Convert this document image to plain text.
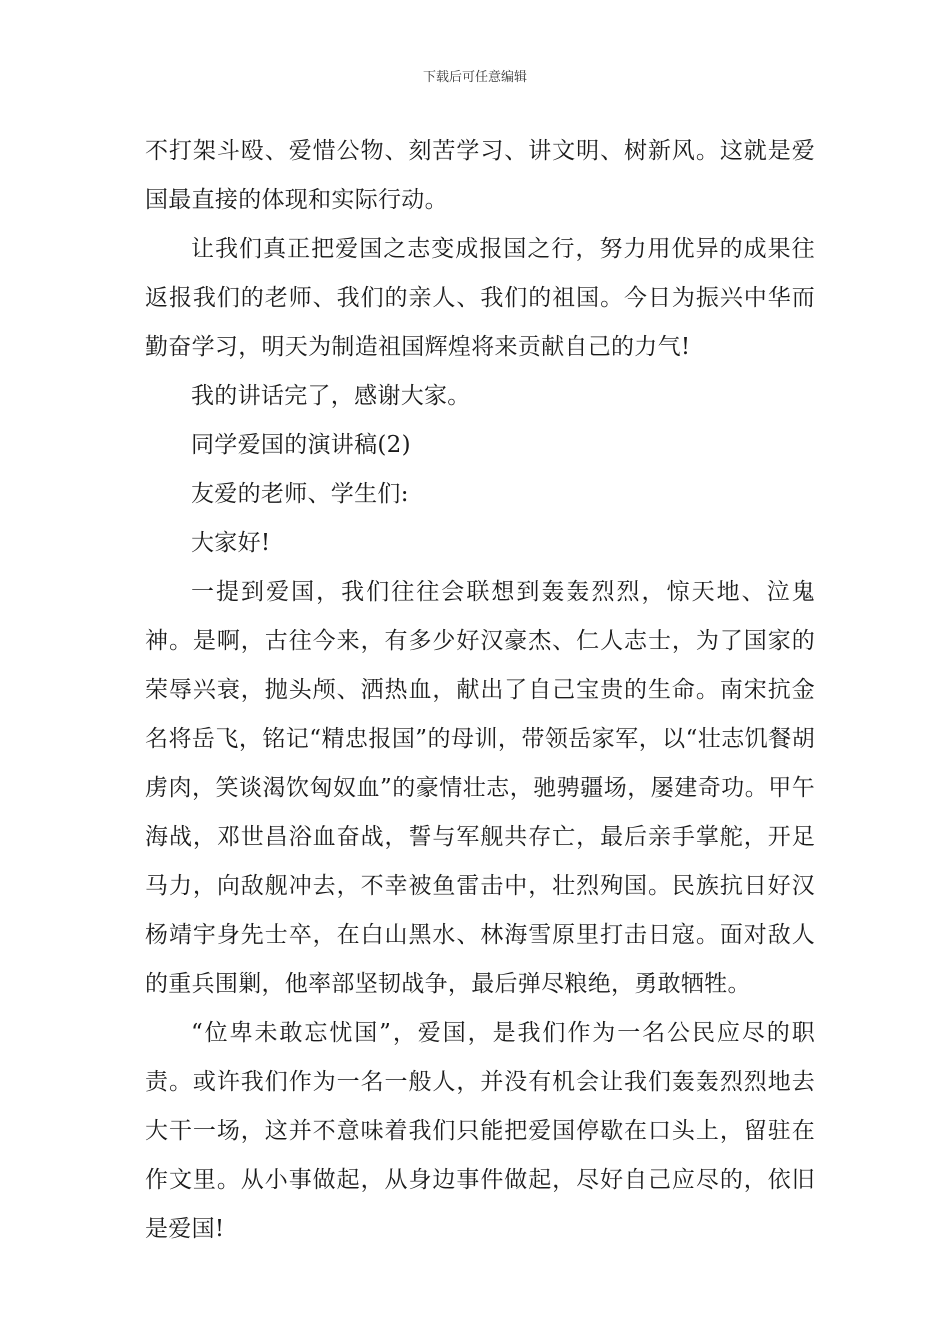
下载后可任意编辑

不打架斗殴、爱惜公物、刻苦学习、讲文明、树新风。这就是爱国最直接的体现和实际行动。

让我们真正把爱国之志变成报国之行，努力用优异的成果往返报我们的老师、我们的亲人、我们的祖国。今日为振兴中华而勤奋学习，明天为制造祖国辉煌将来贡献自己的力气!

我的讲话完了，感谢大家。

同学爱国的演讲稿(2)

友爱的老师、学生们:

大家好!

一提到爱国，我们往往会联想到轰轰烈烈，惊天地、泣鬼神。是啊，古往今来，有多少好汉豪杰、仁人志士，为了国家的荣辱兴衰，抛头颅、洒热血，献出了自己宝贵的生命。南宋抗金名将岳飞，铭记“精忠报国”的母训，带领岳家军，以“壮志饥餐胡虏肉，笑谈渴饮匈奴血”的豪情壮志，驰骋疆场，屡建奇功。甲午海战，邓世昌浴血奋战，誓与军舰共存亡，最后亲手掌舵，开足马力，向敌舰冲去，不幸被鱼雷击中，壮烈殉国。民族抗日好汉杨靖宇身先士卒，在白山黑水、林海雪原里打击日寇。面对敌人的重兵围剿，他率部坚韧战争，最后弹尽粮绝，勇敢牺牲。

“位卑未敢忘忧国”，爱国，是我们作为一名公民应尽的职责。或许我们作为一名一般人，并没有机会让我们轰轰烈烈地去大干一场，这并不意味着我们只能把爱国停歇在口头上，留驻在作文里。从小事做起，从身边事件做起，尽好自己应尽的，依旧是爱国!
